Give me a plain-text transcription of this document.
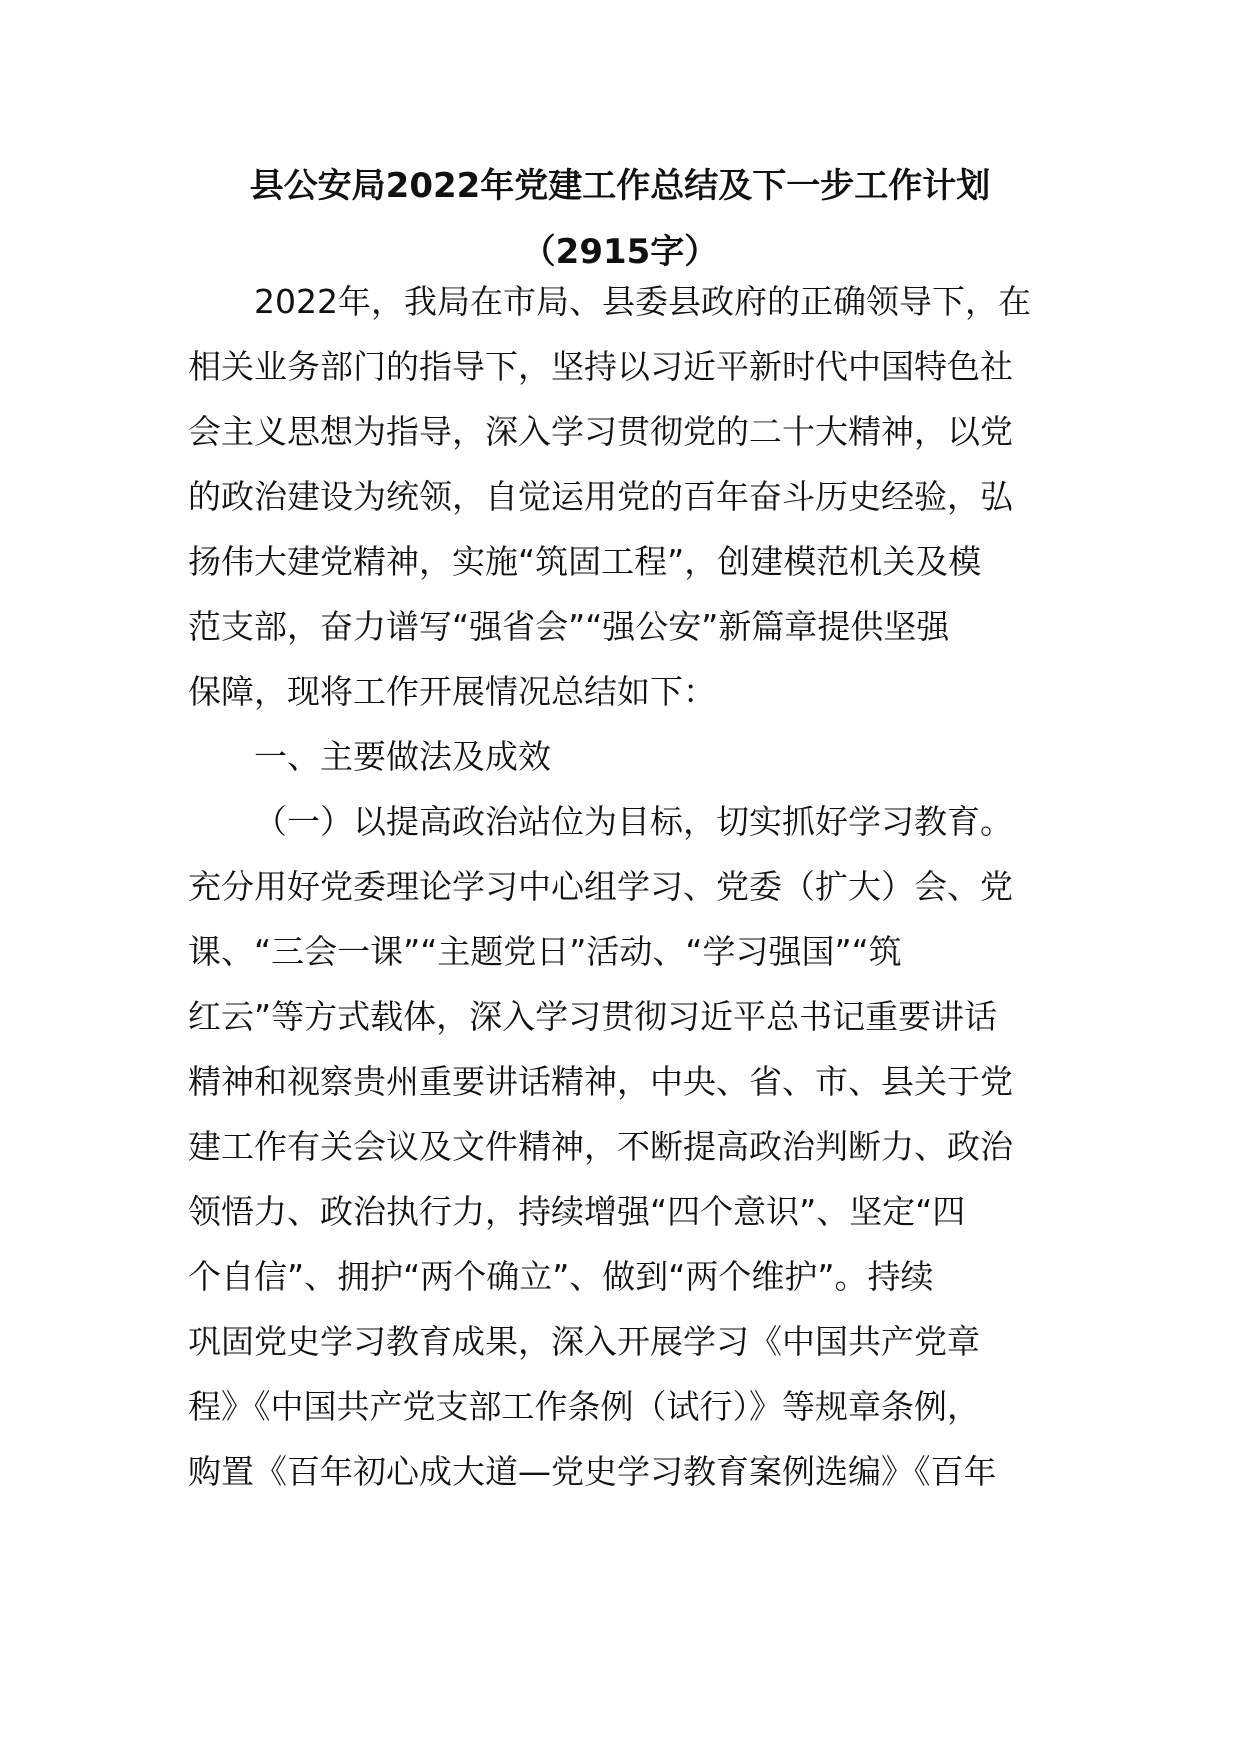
县公安局2022年党建工作总结及下一步工作计划
（2915字）
2022年，我局在市局、县委县政府的正确领导下，在
相关业务部门的指导下，坚持以习近平新时代中国特色社
会主义思想为指导，深入学习贯彻党的二十大精神，以党
的政治建设为统领，自觉运用党的百年奋斗历史经验，弘
扬伟大建党精神，实施“筑固工程”，创建模范机关及模
范支部，奋力谱写“强省会”“强公安”新篇章提供坚强
保障，现将工作开展情况总结如下：
一、主要做法及成效
（一）以提高政治站位为目标，切实抓好学习教育。
充分用好党委理论学习中心组学习、党委（扩大）会、党
课、“三会一课”“主题党日”活动、“学习强国”“筑
红云”等方式载体，深入学习贯彻习近平总书记重要讲话
精神和视察贵州重要讲话精神，中央、省、市、县关于党
建工作有关会议及文件精神，不断提高政治判断力、政治
领悟力、政治执行力，持续增强“四个意识”、坚定“四
个自信”、拥护“两个确立”、做到“两个维护”。持续
巩固党史学习教育成果，深入开展学习《中国共产党章
程》《中国共产党支部工作条例（试行）》等规章条例，
购置《百年初心成大道—党史学习教育案例选编》《百年
